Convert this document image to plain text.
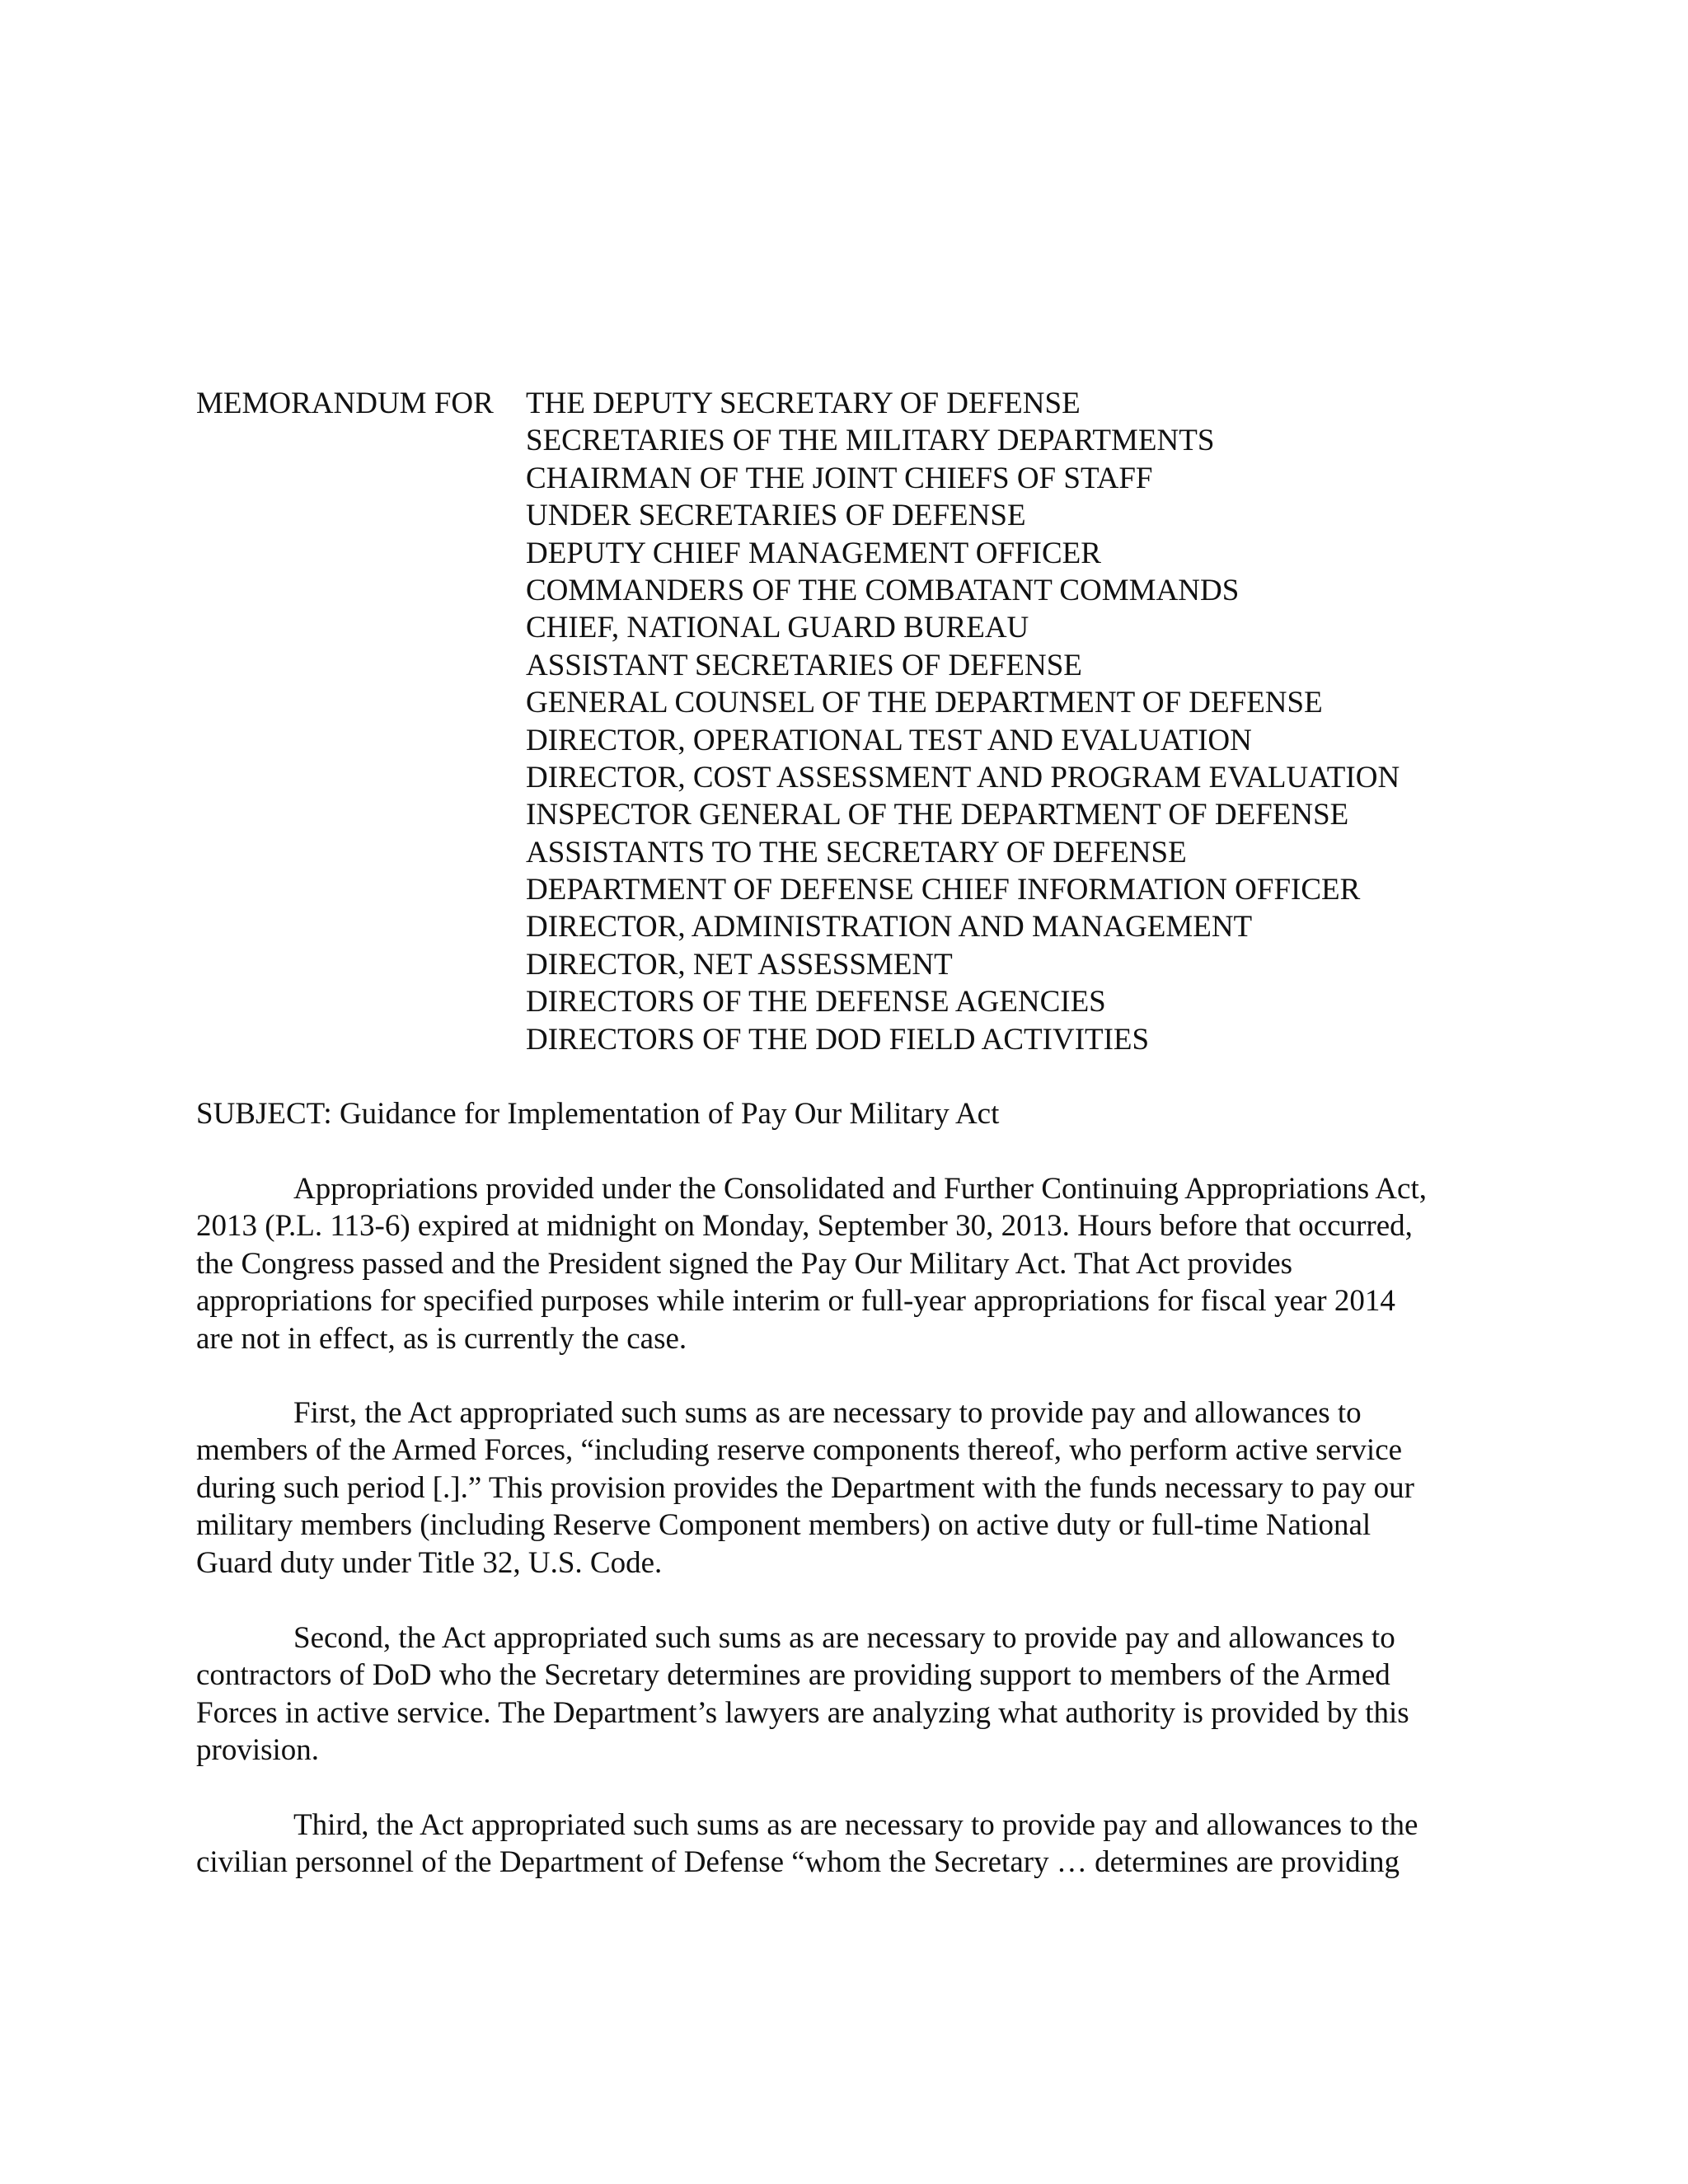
MEMORANDUM FOR THE DEPUTY SECRETARY OF DEFENSE
SECRETARIES OF THE MILITARY DEPARTMENTS
CHAIRMAN OF THE JOINT CHIEFS OF STAFF
UNDER SECRETARIES OF DEFENSE
DEPUTY CHIEF MANAGEMENT OFFICER
COMMANDERS OF THE COMBATANT COMMANDS
CHIEF, NATIONAL GUARD BUREAU
ASSISTANT SECRETARIES OF DEFENSE
GENERAL COUNSEL OF THE DEPARTMENT OF DEFENSE
DIRECTOR, OPERATIONAL TEST AND EVALUATION
DIRECTOR, COST ASSESSMENT AND PROGRAM EVALUATION
INSPECTOR GENERAL OF THE DEPARTMENT OF DEFENSE
ASSISTANTS TO THE SECRETARY OF DEFENSE
DEPARTMENT OF DEFENSE CHIEF INFORMATION OFFICER
DIRECTOR, ADMINISTRATION AND MANAGEMENT
DIRECTOR, NET ASSESSMENT
DIRECTORS OF THE DEFENSE AGENCIES
DIRECTORS OF THE DOD FIELD ACTIVITIES
SUBJECT: Guidance for Implementation of Pay Our Military Act
Appropriations provided under the Consolidated and Further Continuing Appropriations Act,
2013 (P.L. 113-6) expired at midnight on Monday, September 30, 2013. Hours before that occurred,
the Congress passed and the President signed the Pay Our Military Act. That Act provides
appropriations for specified purposes while interim or full-year appropriations for fiscal year 2014
are not in effect, as is currently the case.
First, the Act appropriated such sums as are necessary to provide pay and allowances to
members of the Armed Forces, “including reserve components thereof, who perform active service
during such period [.].” This provision provides the Department with the funds necessary to pay our
military members (including Reserve Component members) on active duty or full-time National
Guard duty under Title 32, U.S. Code.
Second, the Act appropriated such sums as are necessary to provide pay and allowances to
contractors of DoD who the Secretary determines are providing support to members of the Armed
Forces in active service. The Department’s lawyers are analyzing what authority is provided by this
provision.
Third, the Act appropriated such sums as are necessary to provide pay and allowances to the
civilian personnel of the Department of Defense “whom the Secretary … determines are providing
